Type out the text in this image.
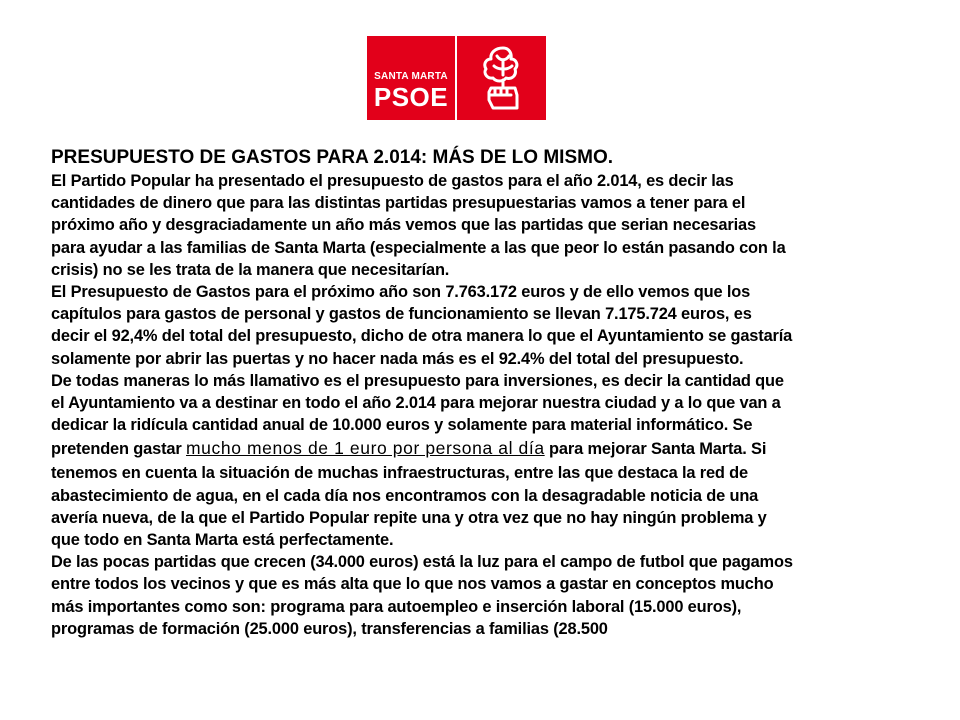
SANTA MARTA
PSOE
PRESUPUESTO DE GASTOS PARA 2.014: MÁS DE LO MISMO.
El Partido Popular ha presentado el presupuesto de gastos para el año 2.014, es decir las
cantidades de dinero que para las distintas partidas presupuestarias vamos a tener para el
próximo año y desgraciadamente un año más vemos que las partidas que serian necesarias
para ayudar a las familias de Santa Marta (especialmente a las que peor lo están pasando con la
crisis) no se les trata de la manera que necesitarían.
El Presupuesto de Gastos para el próximo año son 7.763.172 euros y de ello vemos que los
capítulos para gastos de personal y gastos de funcionamiento se llevan 7.175.724 euros, es
decir el 92,4% del total del presupuesto, dicho de otra manera lo que el Ayuntamiento se gastaría
solamente por abrir las puertas y no hacer nada más es el 92.4% del total del presupuesto.
De todas maneras lo más llamativo es el presupuesto para inversiones, es decir la cantidad que
el Ayuntamiento va a destinar en todo el año 2.014 para mejorar nuestra ciudad y a lo que van a
dedicar la ridícula cantidad anual de 10.000 euros y solamente para material informático. Se
pretenden gastar mucho menos de 1 euro por persona al día para mejorar Santa Marta. Si
tenemos en cuenta la situación de muchas infraestructuras, entre las que destaca la red de
abastecimiento de agua, en el cada día nos encontramos con la desagradable noticia de una
avería nueva, de la que el Partido Popular repite una y otra vez que no hay ningún problema y
que todo en Santa Marta está perfectamente.
De las pocas partidas que crecen (34.000 euros) está la luz para el campo de futbol que pagamos
entre todos los vecinos y que es más alta que lo que nos vamos a gastar en conceptos mucho
más importantes como son: programa para autoempleo e inserción laboral (15.000 euros),
programas de formación (25.000 euros), transferencias a familias (28.500
